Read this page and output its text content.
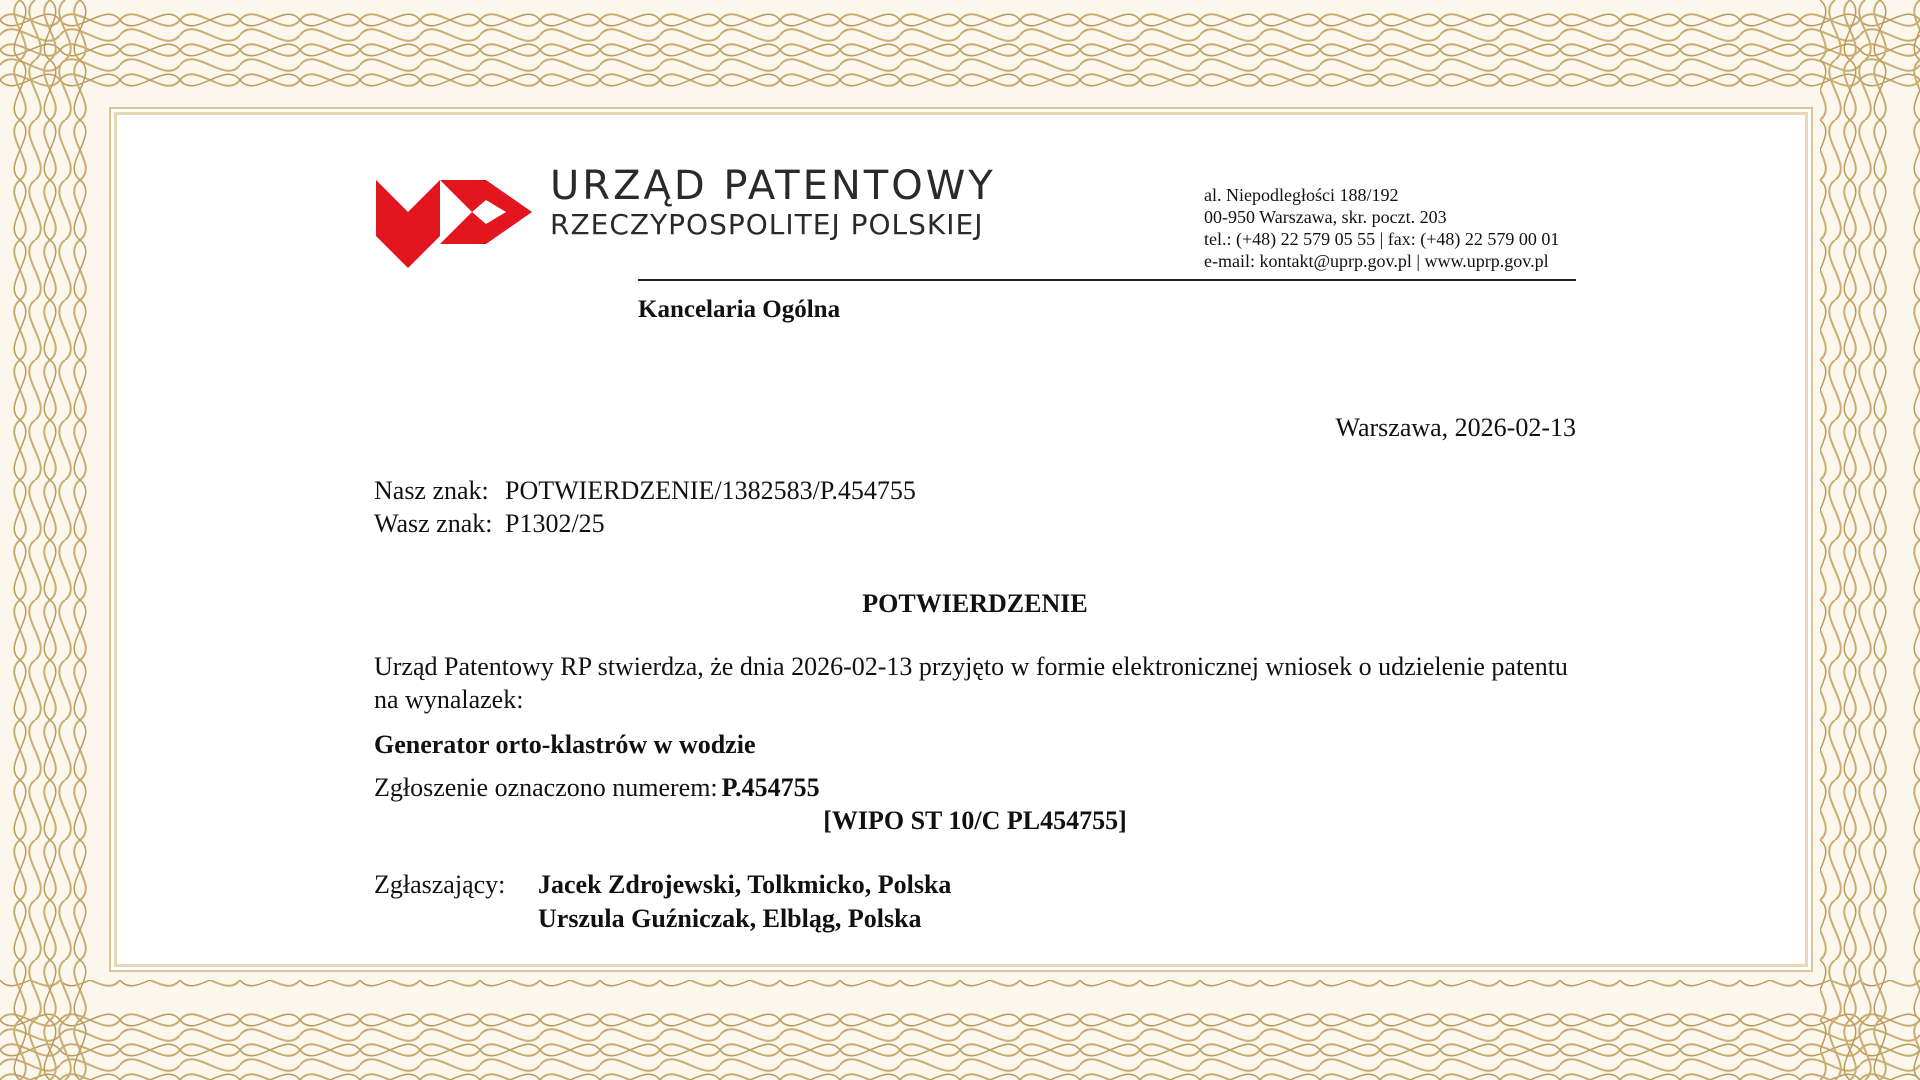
URZĄD PATENTOWY
RZECZYPOSPOLITEJ POLSKIEJ
al. Niepodległości 188/192
00-950 Warszawa, skr. poczt. 203
tel.: (+48) 22 579 05 55 | fax: (+48) 22 579 00 01
e-mail: kontakt@uprp.gov.pl | www.uprp.gov.pl
Kancelaria Ogólna
Warszawa, 2026-02-13
Nasz znak: POTWIERDZENIE/1382583/P.454755
Wasz znak: P1302/25
POTWIERDZENIE
Urząd Patentowy RP stwierdza, że dnia 2026-02-13 przyjęto w formie elektronicznej wniosek o udzielenie patentu na wynalazek:
Generator orto-klastrów w wodzie
Zgłoszenie oznaczono numerem: P.454755
[WIPO ST 10/C PL454755]
Zgłaszający:	Jacek Zdrojewski, Tolkmicko, Polska
Urszula Guźniczak, Elbląg, Polska
